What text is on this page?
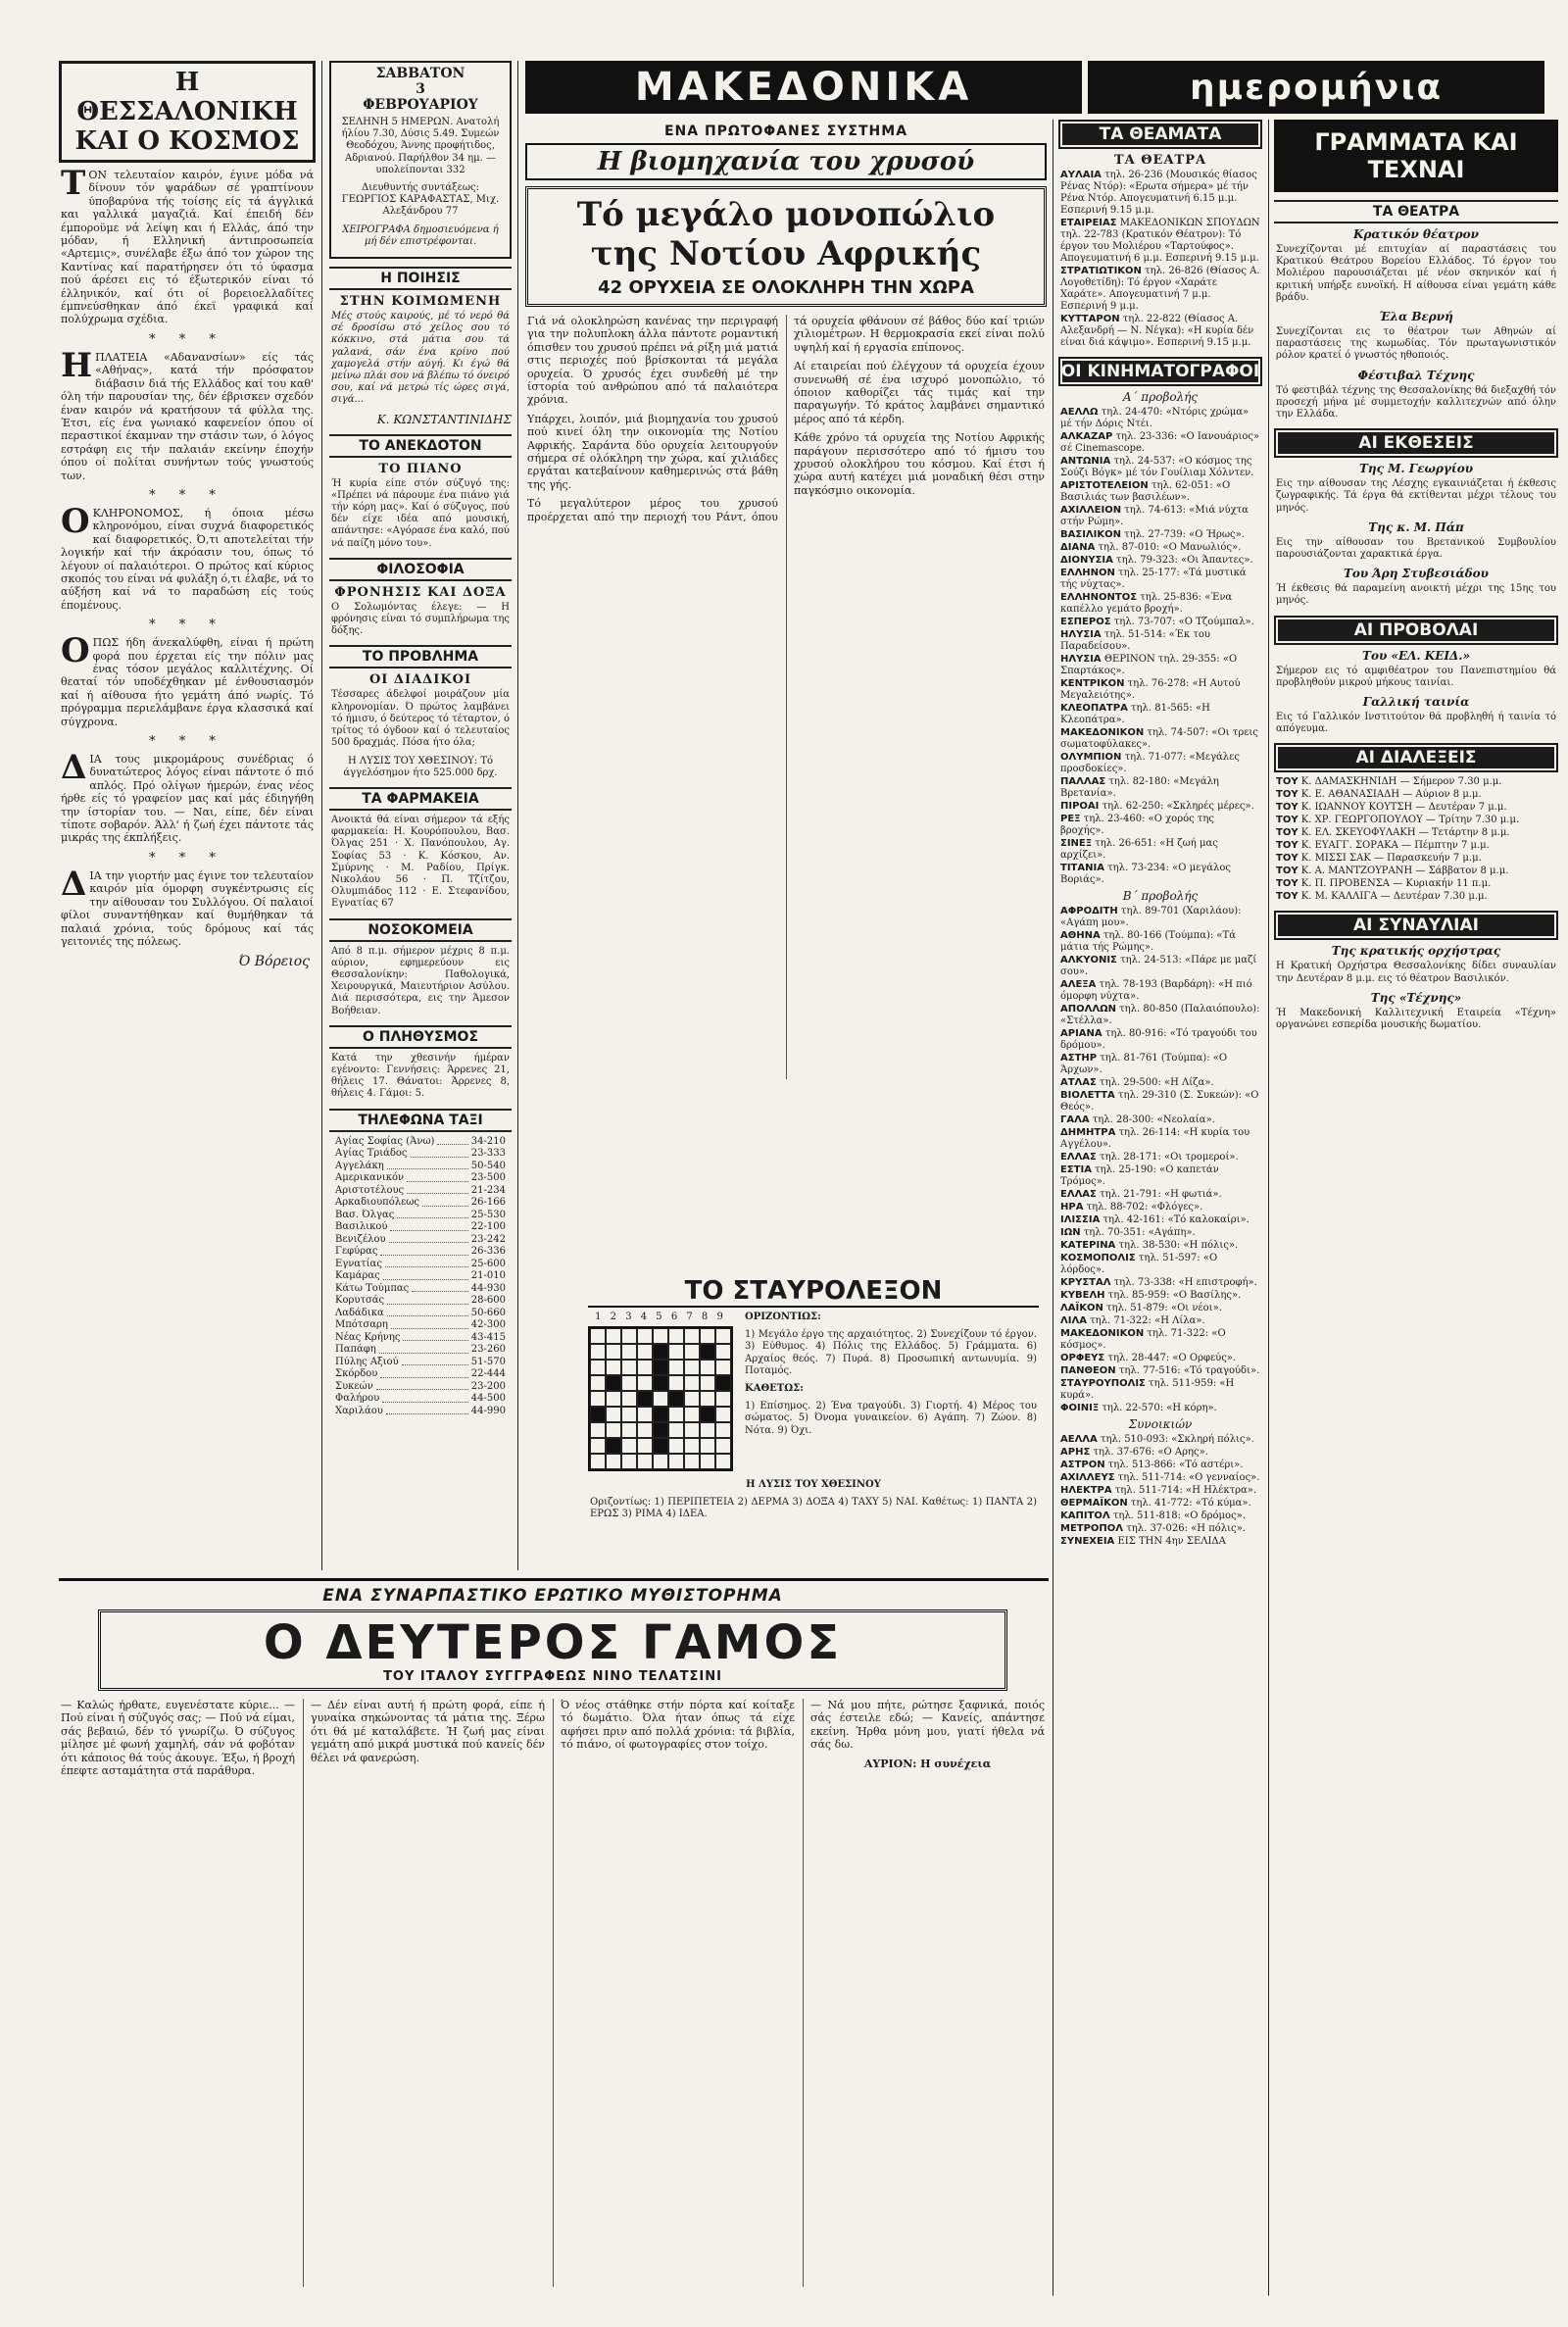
Η ΘΕΣΣΑΛΟΝΙΚΗ
ΚΑΙ Ο ΚΟΣΜΟΣ

ΤΟΝ τελευταίον καιρόν, έγινε μόδα νά δίνουν τόν ψαράδων σέ γραπτίνουν ύποβαρύνα τής τοίσης είς τά άγγλικά και γαλλικά μαγαζιά. Καί έπειδή δέν έμποροϋμε νά λείψη και ή Ελλάς, άπό την μόδαν, ή Ελληνική άντιπροσωπεία «Αρτεμις», συνέλαβε έξω άπό τον χώρον της Καντίνας καί παρατήρησεν ότι τό ύφασμα πού άρέσει εις τό έξωτερικόν είναι τό έλληνικόν, καί ότι οί βορειοελλαδίτες έμπνεύσθηκαν άπό έκεϊ γραφικά καί πολύχρωμα σχέδια.

* * *

ΗΠΛΑΤΕΙΑ «Αδανανσίων» είς τάς «Αθήνας», κατά τήν πρόσφατον διάβασιν διά τής Ελλάδος καί του καθ' όλη τήν παρουσίαν της, δέν έβρισκεν σχεδόν έναν καιρόν νά κρατήσουν τά φύλλα της. Έτσι, είς ένα γωνιακό καφενείον όπου οί περαστικοί έκαμναν την στάσιν των, ό λόγος εστράφη εις τήν παλαιάν εκείνην έποχήν όπου οί πολίται συνήντων τούς γνωστούς των.

* * *

ΟΚΛΗΡΟΝΟΜΟΣ, ή όποια μέσω κληρονόμου, είναι συχνά διαφορετικός καί διαφορετικός. Ό,τι αποτελείται τήν λογικήν καί τήν άκρόασιν του, όπως τό λέγουν οί παλαιότεροι. Ο πρώτος καί κύριος σκοπός του είναι νά φυλάξη ό,τι έλαβε, νά το αύξήση καί νά το παραδώση είς τούς έπομένους.

* * *

ΟΠΩΣ ήδη άνεκαλύφθη, είναι ή πρώτη φορά που έρχεται είς την πόλιν μας ένας τόσον μεγάλος καλλιτέχνης. Οί θεαταί τόν υποδέχθηκαν μέ ένθουσιασμόν καί ή αίθουσα ήτο γεμάτη άπό νωρίς. Τό πρόγραμμα περιελάμβανε έργα κλασσικά καί σύγχρονα.

* * *

ΔΙΑ τους μικρομάρους συνέδριας ό δυνατώτερος λόγος είναι πάντοτε ό πιό απλός. Πρό ολίγων ήμερών, ένας νέος ήρθε είς τό γραφείον μας καί μάς έδιηγήθη την ίστορίαν του. — Ναι, είπε, δέν είναι τίποτε σοβαρόν. Άλλ' ή ζωή έχει πάντοτε τάς μικράς της έκπλήξεις.

* * *

ΔΙΑ την γιορτήν μας έγινε τον τελευταίον καιρόν μία όμορφη συγκέντρωσις είς την αίθουσαν του Συλλόγου. Οί παλαιοί φίλοι συναντήθηκαν καί θυμήθηκαν τά παλαιά χρόνια, τούς δρόμους καί τάς γειτονιές της πόλεως.

Ό Βόρειος
ΣΑΒΒΑΤΟΝ
3
ΦΕΒΡΟΥΑΡΙΟΥ
ΣΕΛΗΝΗ 5 ΗΜΕΡΩΝ. Ανατολή ήλίου 7.30, Δύσις 5.49. Συμεών Θεοδόχου, Άννης προφήτιδος, Αδριανού. Παρήλθον 34 ημ. — υπολείπονται 332
Διευθυντής συντάξεως: ΓΕΩΡΓΙΟΣ ΚΑΡΑΦΑΣΤΑΣ, Μιχ. Αλεξάνδρου 77
ΧΕΙΡΟΓΡΑΦΑ δημοσιευόμενα ή μή δέν επιστρέφονται.
Η ΠΟΙΗΣΙΣ
ΣΤΗΝ ΚΟΙΜΩΜΕΝΗ

Μές στούς καιρούς, μέ τό νερό θά σέ δροσίσω στό χείλος σου τό κόκκινο, στά μάτια σου τά γαλανά, σάν ένα κρίνο πού χαμογελά στήν αύγή. Κι έγώ θά μείνω πλάι σου νά βλέπω τό όνειρό σου, καί νά μετρώ τίς ώρες σιγά, σιγά...

Κ. ΚΩΝΣΤΑΝΤΙΝΙΔΗΣ
ΤΟ ΑΝΕΚΔΟΤΟΝ
ΤΟ ΠΙΑΝΟ

Ή κυρία είπε στόν σύζυγό της: «Πρέπει νά πάρουμε ένα πιάνο γιά τήν κόρη μας». Καί ό σύζυγος, πού δέν είχε ιδέα από μουσική, απάντησε: «Αγόρασε ένα καλό, πού νά παίζη μόνο του».

ΦΙΛΟΣΟΦΙΑ
ΦΡΟΝΗΣΙΣ ΚΑΙ ΔΟΞΑ

Ο Σολωμόντας έλεγε: — Η φρόνησις είναι τό συμπλήρωμα της δόξης.

ΤΟ ΠΡΟΒΛΗΜΑ
ΟΙ ΔΙΑΔΙΚΟΙ

Τέσσαρες άδελφοί μοιράζουν μία κληρονομίαν. Ό πρώτος λαμβάνει τό ήμισυ, ό δεύτερος τό τέταρτον, ό τρίτος τό όγδοον καί ό τελευταίος 500 δραχμάς. Πόσα ήτο όλα;

Η ΛΥΣΙΣ ΤΟΥ ΧΘΕΣΙΝΟΥ: Τό άγγελόσημον ήτο 525.000 δρχ.

ΤΑ ΦΑΡΜΑΚΕΙΑ

Ανοικτά θά είναι σήμερον τά εξής φαρμακεία: Η. Κουρόπουλου, Βασ. Όλγας 251 · Χ. Πανόπουλου, Αγ. Σοφίας 53 · Κ. Κόσκου, Αν. Σμύρνης · Μ. Ραδίου, Πρίγκ. Νικολάου 56 · Π. Τζίτζου, Ολυμπιάδος 112 · Ε. Στεφανίδου, Εγνατίας 67

ΝΟΣΟΚΟΜΕΙΑ

Από 8 π.μ. σήμερον μέχρις 8 π.μ. αύριον, εφημερεύουν εις Θεσσαλονίκην: Παθολογικά, Χειρουργικά, Μαιευτήριον Ασύλου. Διά περισσότερα, εις την Άμεσον Βοήθειαν.

Ο ΠΛΗΘΥΣΜΟΣ

Κατά την χθεσινήν ήμέραν εγένοντο: Γεννήσεις: Άρρενες 21, θήλεις 17. Θάνατοι: Άρρενες 8, θήλεις 4. Γάμοι: 5.

ΤΗΛΕΦΩΝΑ ΤΑΞΙ
Αγίας Σοφίας (Άνω)	34-210
Αγίας Τριάδος	23-333
Αγγελάκη	50-540
Αμερικανικόν	23-500
Αριστοτέλους	21-234
Αρκαδιουπόλεως	26-166
Βασ. Όλγας	25-530
Βασιλικού	22-100
Βενιζέλου	23-242
Γεφύρας	26-336
Εγνατίας	25-600
Καμάρας	21-010
Κάτω Τούμπας	44-930
Κορυτσάς	28-600
Λαδάδικα	50-660
Μπότσαρη	42-300
Νέας Κρήνης	43-415
Παπάφη	23-260
Πύλης Αξιού	51-570
Σκόρδου	22-444
Συκεών	23-200
Φαλήρου	44-500
Χαριλάου	44-990
ΜΑΚΕΔΟΝΙΚΑ	ημερομήνια
ΕΝΑ ΠΡΩΤΟΦΑΝΕΣ ΣΥΣΤΗΜΑ
Η βιομηχανία του χρυσού
Τό μεγάλο μονοπώλιο
της Νοτίου Αφρικής
42 ΟΡΥΧΕΙΑ ΣΕ ΟΛΟΚΛΗΡΗ ΤΗΝ ΧΩΡΑ

Γιά νά ολοκληρώση κανένας την περιγραφή για την πολυπλοκη άλλα πάντοτε ρομαντική όπισθεν του χρυσού πρέπει νά ρίξη μιά ματιά στις περιοχές πού βρίσκονται τά μεγάλα ορυχεία. Ό χρυσός έχει συνδεθή μέ την ίστορία τού ανθρώπου από τά παλαιότερα χρόνια.

Υπάρχει, λοιπόν, μιά βιομηχανία του χρυσού πού κινεί όλη την οικονομία της Νοτίου Αφρικής. Σαράντα δύο ορυχεία λειτουργούν σήμερα σέ ολόκληρη την χώρα, καί χιλιάδες εργάται κατεβαίνουν καθημερινώς στά βάθη της γής.

Τό μεγαλύτερον μέρος του χρυσού προέρχεται από την περιοχή του Ράντ, όπου τά ορυχεία φθάνουν σέ βάθος δύο καί τριών χιλιομέτρων. Η θερμοκρασία εκεί είναι πολύ υψηλή καί ή εργασία επίπονος.

Αί εταιρείαι πού έλέγχουν τά ορυχεία έχουν συνενωθή σέ ένα ισχυρό μονοπώλιο, τό όποιον καθορίζει τάς τιμάς καί την παραγωγήν. Τό κράτος λαμβάνει σημαντικό μέρος από τά κέρδη.

Κάθε χρόνο τά ορυχεία της Νοτίου Αφρικής παράγουν περισσότερο από τό ήμισυ του χρυσού ολοκλήρου του κόσμου. Καί έτσι ή χώρα αυτή κατέχει μιά μοναδική θέσι στην παγκόσμιο οικονομία.

ΤΟ ΣΤΑΥΡΟΛΕΞΟΝ
1 2 3 4 5 6 7 8 9	ΟΡΙΖΟΝΤΙΩΣ:

1) Μεγάλο έργο της αρχαιότητος. 2) Συνεχίζουν τό έργον. 3) Εύθυμος. 4) Πόλις της Ελλάδος. 5) Γράμματα. 6) Αρχαίος θεός. 7) Πυρά. 8) Προσωπική αντωνυμία. 9) Ποταμός.

ΚΑΘΕΤΩΣ:

1) Επίσημος. 2) Ένα τραγούδι. 3) Γιορτή. 4) Μέρος του σώματος. 5) Όνομα γυναικείον. 6) Αγάπη. 7) Ζώον. 8) Νότα. 9) Όχι.

Η ΛΥΣΙΣ ΤΟΥ ΧΘΕΣΙΝΟΥ

Οριζοντίως: 1) ΠΕΡΙΠΕΤΕΙΑ 2) ΔΕΡΜΑ 3) ΔΟΞΑ 4) ΤΑΧΥ 5) ΝΑΙ. Καθέτως: 1) ΠΑΝΤΑ 2) ΕΡΩΣ 3) ΡΙΜΑ 4) ΙΔΕΑ.

ΤΑ ΘΕΑΜΑΤΑ
ΤΑ ΘΕΑΤΡΑ
ΑΥΛΑΙΑ τηλ. 26-236 (Μουσικός θίασος Ρένας Ντόρ): «Ερωτα σήμερα» μέ τήν Ρένα Ντόρ. Απογευματινή 6.15 μ.μ. Εσπερινή 9.15 μ.μ.
ΕΤΑΙΡΕΙΑΣ ΜΑΚΕΔΟΝΙΚΩΝ ΣΠΟΥΔΩΝ τηλ. 22-783 (Κρατικόν Θέατρον): Τό έργον του Μολιέρου «Ταρτούφος». Απογευματινή 6 μ.μ. Εσπερινή 9.15 μ.μ.
ΣΤΡΑΤΙΩΤΙΚΟΝ τηλ. 26-826 (Θίασος Α. Λογοθετίδη): Τό έργον «Χαράτε Χαράτε». Απογευματινή 7 μ.μ. Εσπερινή 9 μ.μ.
ΚΥΤΤΑΡΟΝ τηλ. 22-822 (Θίασος Α. Αλεξανδρή — Ν. Νέγκα): «Η κυρία δέν είναι διά κάψιμο». Εσπερινή 9.15 μ.μ.
ΟΙ ΚΙΝΗΜΑΤΟΓΡΑΦΟΙ
Α΄ προβολής
ΑΕΛΛΩ τηλ. 24-470: «Ντόρις χρώμα» μέ τήν Δόρις Ντέι.
ΑΛΚΑΖΑΡ τηλ. 23-336: «Ο Ιανουάριος» σέ Cinemascope.
ΑΝΤΩΝΙΑ τηλ. 24-537: «Ο κόσμος της Σούζι Βόγκ» μέ τόν Γουίλιαμ Χόλντεν.
ΑΡΙΣΤΟΤΕΛΕΙΟΝ τηλ. 62-051: «Ο Βασιλιάς των βασιλέων».
ΑΧΙΛΛΕΙΟΝ τηλ. 74-613: «Μιά νύχτα στήν Ρώμη».
ΒΑΣΙΛΙΚΟΝ τηλ. 27-739: «Ο Ήρως».
ΔΙΑΝΑ τηλ. 87-010: «Ο Μανωλιός».
ΔΙΟΝΥΣΙΑ τηλ. 79-323: «Οι Άπαντες».
ΕΛΛΗΝΟΝ τηλ. 25-177: «Τά μυστικά τής νύχτας».
ΕΛΛΗΝΟΝΤΟΣ τηλ. 25-836: «Ένα καπέλλο γεμάτο βροχή».
ΕΣΠΕΡΟΣ τηλ. 73-707: «Ο Τζούμπαλ».
ΗΛΥΣΙΑ τηλ. 51-514: «Έκ του Παραδείσου».
ΗΛΥΣΙΑ ΘΕΡΙΝΟΝ τηλ. 29-355: «Ο Σπαρτάκος».
ΚΕΝΤΡΙΚΟΝ τηλ. 76-278: «Η Αυτού Μεγαλειότης».
ΚΛΕΟΠΑΤΡΑ τηλ. 81-565: «Η Κλεοπάτρα».
ΜΑΚΕΔΟΝΙΚΟΝ τηλ. 74-507: «Οι τρεις σωματοφύλακες».
ΟΛΥΜΠΙΟΝ τηλ. 71-077: «Μεγάλες προσδοκίες».
ΠΑΛΛΑΣ τηλ. 82-180: «Μεγάλη Βρετανία».
ΠΙΡΟΑΙ τηλ. 62-250: «Σκληρές μέρες».
ΡΕΞ τηλ. 23-460: «Ο χορός της βροχής».
ΣΙΝΕΞ τηλ. 26-651: «Η ζωή μας αρχίζει».
ΤΙΤΑΝΙΑ τηλ. 73-234: «Ο μεγάλος Βοριάς».
Β΄ προβολής
ΑΦΡΟΔΙΤΗ τηλ. 89-701 (Χαριλάου): «Αγάπη μου».
ΑΘΗΝΑ τηλ. 80-166 (Τούμπα): «Τά μάτια τής Ρώμης».
ΑΛΚΥΟΝΙΣ τηλ. 24-513: «Πάρε με μαζί σου».
ΑΛΕΞΑ τηλ. 78-193 (Βαρδάρη): «Η πιό όμορφη νύχτα».
ΑΠΟΛΛΩΝ τηλ. 80-850 (Παλαιόπουλο): «Στέλλα».
ΑΡΙΑΝΑ τηλ. 80-916: «Τό τραγούδι του δρόμου».
ΑΣΤΗΡ τηλ. 81-761 (Τούμπα): «Ο Άρχων».
ΑΤΛΑΣ τηλ. 29-500: «Η Λίζα».
ΒΙΟΛΕΤΤΑ τηλ. 29-310 (Σ. Συκεών): «Ο Θεός».
ΓΑΛΑ τηλ. 28-300: «Νεολαία».
ΔΗΜΗΤΡΑ τηλ. 26-114: «Η κυρία του Αγγέλου».
ΕΛΛΑΣ τηλ. 28-171: «Οι τρομεροί».
ΕΣΤΙΑ τηλ. 25-190: «Ο καπετάν Τρόμος».
ΕΛΛΑΣ τηλ. 21-791: «Η φωτιά».
ΗΡΑ τηλ. 88-702: «Φλόγες».
ΙΛΙΣΣΙΑ τηλ. 42-161: «Τό καλοκαίρι».
ΙΩΝ τηλ. 70-351: «Αγάπη».
ΚΑΤΕΡΙΝΑ τηλ. 38-530: «Η πόλις».
ΚΟΣΜΟΠΟΛΙΣ τηλ. 51-597: «Ο λόρδος».
ΚΡΥΣΤΑΛ τηλ. 73-338: «Η επιστροφή».
ΚΥΒΕΛΗ τηλ. 85-959: «Ο Βασίλης».
ΛΑΪΚΟΝ τηλ. 51-879: «Οι νέοι».
ΛΙΛΑ τηλ. 71-322: «Η Λίλα».
ΜΑΚΕΔΟΝΙΚΟΝ τηλ. 71-322: «Ο κόσμος».
ΟΡΦΕΥΣ τηλ. 28-447: «Ο Ορφεύς».
ΠΑΝΘΕΟΝ τηλ. 77-516: «Τό τραγούδι».
ΣΤΑΥΡΟΥΠΟΛΙΣ τηλ. 511-959: «Η κυρά».
ΦΟΙΝΙΞ τηλ. 22-570: «Η κόρη».
Συνοικιών
ΑΕΛΛΑ τηλ. 510-093: «Σκληρή πόλις».
ΑΡΗΣ τηλ. 37-676: «Ο Αρης».
ΑΣΤΡΟΝ τηλ. 513-866: «Τό αστέρι».
ΑΧΙΛΛΕΥΣ τηλ. 511-714: «Ο γενναίος».
ΗΛΕΚΤΡΑ τηλ. 511-714: «Η Ηλέκτρα».
ΘΕΡΜΑΪΚΟΝ τηλ. 41-772: «Τό κύμα».
ΚΑΠΙΤΟΛ τηλ. 511-818: «Ο δρόμος».
ΜΕΤΡΟΠΟΛ τηλ. 37-026: «Η πόλις».
ΣΥΝΕΧΕΙΑ ΕΙΣ ΤΗΝ 4ην ΣΕΛΙΔΑ
ΓΡΑΜΜΑΤΑ ΚΑΙ ΤΕΧΝΑΙ
ΤΑ ΘΕΑΤΡΑ
Κρατικόν θέατρον

Συνεχίζονται μέ επιτυχίαν αί παραστάσεις του Κρατικού Θεάτρου Βορείου Ελλάδος. Τό έργον του Μολιέρου παρουσιάζεται μέ νέον σκηνικόν καί ή κριτική υπήρξε ευνοϊκή. Η αίθουσα είναι γεμάτη κάθε βράδυ.

Έλα Βερνή

Συνεχίζονται εις το θέατρον των Αθηνών αί παραστάσεις της κωμωδίας. Τόν πρωταγωνιστικόν ρόλον κρατεί ό γνωστός ηθοποιός.

Φέστιβαλ Τέχνης

Τό φεστιβάλ τέχνης της Θεσσαλονίκης θά διεξαχθή τόν προσεχή μήνα μέ συμμετοχήν καλλιτεχνών από όλην την Ελλάδα.

ΑΙ ΕΚΘΕΣΕΙΣ
Της Μ. Γεωργίου

Εις την αίθουσαν της Λέσχης εγκαινιάζεται ή έκθεσις ζωγραφικής. Τά έργα θά εκτίθενται μέχρι τέλους του μηνός.

Της κ. Μ. Πάπ

Εις την αίθουσαν του Βρετανικού Συμβουλίου παρουσιάζονται χαρακτικά έργα.

Του Άρη Στυβεσιάδου

Ή έκθεσις θά παραμείνη ανοικτή μέχρι της 15ης του μηνός.

ΑΙ ΠΡΟΒΟΛΑΙ
Του «ΕΛ. ΚΕΙΔ.»

Σήμερον εις τό αμφιθέατρον του Πανεπιστημίου θά προβληθούν μικρού μήκους ταινίαι.

Γαλλική ταινία

Εις τό Γαλλικόν Ινστιτούτον θά προβληθή ή ταινία τό απόγευμα.

ΑΙ ΔΙΑΛΕΞΕΙΣ
ΤΟΥ Κ. ΔΑΜΑΣΚΗΝΙΔΗ — Σήμερον 7.30 μ.μ.
ΤΟΥ Κ. Ε. ΑΘΑΝΑΣΙΑΔΗ — Αύριον 8 μ.μ.
ΤΟΥ Κ. ΙΩΑΝΝΟΥ ΚΟΥΤΣΗ — Δευτέραν 7 μ.μ.
ΤΟΥ Κ. ΧΡ. ΓΕΩΡΓΟΠΟΥΛΟΥ — Τρίτην 7.30 μ.μ.
ΤΟΥ Κ. ΕΛ. ΣΚΕΥΟΦΥΛΑΚΗ — Τετάρτην 8 μ.μ.
ΤΟΥ Κ. ΕΥΑΓΓ. ΣΟΡΑΚΑ — Πέμπτην 7 μ.μ.
ΤΟΥ Κ. ΜΙΣΣΙ ΣΑΚ — Παρασκευήν 7 μ.μ.
ΤΟΥ Κ. Α. ΜΑΝΤΖΟΥΡΑΝΗ — Σάββατον 8 μ.μ.
ΤΟΥ Κ. Π. ΠΡΟΒΕΝΣΑ — Κυριακήν 11 π.μ.
ΤΟΥ Κ. Μ. ΚΑΛΛΙΓΑ — Δευτέραν 7.30 μ.μ.
ΑΙ ΣΥΝΑΥΛΙΑΙ
Της κρατικής ορχήστρας

Η Κρατική Ορχήστρα Θεσσαλονίκης δίδει συναυλίαν την Δευτέραν 8 μ.μ. εις τό θέατρον Βασιλικόν.

Της «Τέχνης»

Ή Μακεδονική Καλλιτεχνική Εταιρεία «Τέχνη» οργανώνει εσπερίδα μουσικής δωματίου.

ΕΝΑ ΣΥΝΑΡΠΑΣΤΙΚΟ ΕΡΩΤΙΚΟ ΜΥΘΙΣΤΟΡΗΜΑ
Ο ΔΕΥΤΕΡΟΣ ΓΑΜΟΣ
ΤΟΥ ΙΤΑΛΟΥ ΣΥΓΓΡΑΦΕΩΣ ΝΙΝΟ ΤΕΛΑΤΣΙΝΙ

— Καλώς ήρθατε, ευγενέστατε κύριε... — Πού είναι ή σύζυγός σας; — Πού νά είμαι, σάς βεβαιώ, δέν τό γνωρίζω. Ό σύζυγος μίλησε μέ φωνή χαμηλή, σάν νά φοβόταν ότι κάποιος θά τούς άκουγε. Έξω, ή βροχή έπεφτε ασταμάτητα στά παράθυρα.

— Δέν είναι αυτή ή πρώτη φορά, είπε ή γυναίκα σηκώνοντας τά μάτια της. Ξέρω ότι θά μέ καταλάβετε. Ή ζωή μας είναι γεμάτη από μικρά μυστικά πού κανείς δέν θέλει νά φανερώση.

Ό νέος στάθηκε στήν πόρτα καί κοίταξε τό δωμάτιο. Όλα ήταν όπως τά είχε αφήσει πριν από πολλά χρόνια: τά βιβλία, τό πιάνο, οί φωτογραφίες στον τοίχο.

— Νά μου πήτε, ρώτησε ξαφνικά, ποιός σάς έστειλε εδώ; — Κανείς, απάντησε εκείνη. Ήρθα μόνη μου, γιατί ήθελα νά σάς δω.

ΑΥΡΙΟΝ: Η συνέχεια
